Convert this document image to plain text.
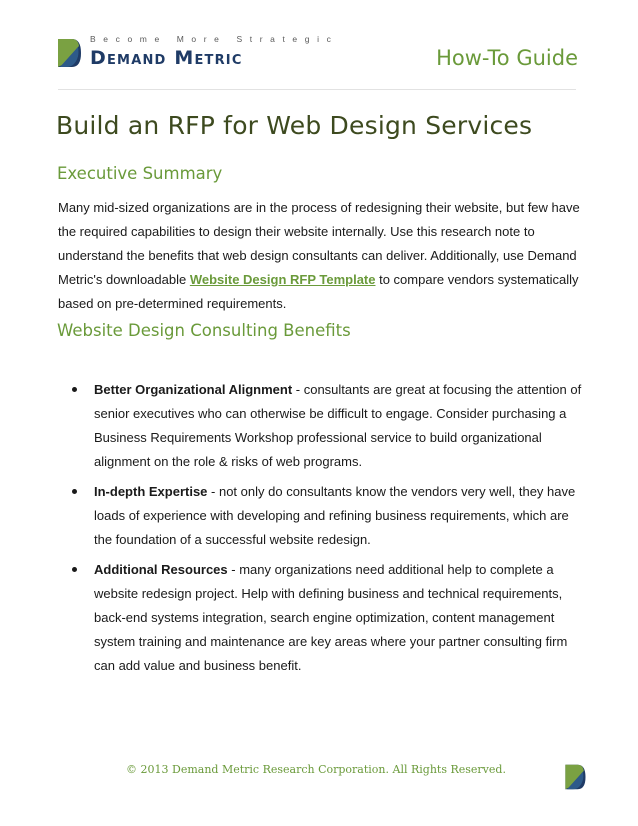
Become More Strategic
Demand Metric	How-To Guide
Build an RFP for Web Design Services
Executive Summary
Many mid-sized organizations are in the process of redesigning their website, but few have
the required capabilities to design their website internally. Use this research note to
understand the benefits that web design consultants can deliver. Additionally, use Demand
Metric's downloadable Website Design RFP Template to compare vendors systematically
based on pre-determined requirements.
Website Design Consulting Benefits
Better Organizational Alignment - consultants are great at focusing the attention of
senior executives who can otherwise be difficult to engage. Consider purchasing a
Business Requirements Workshop professional service to build organizational
alignment on the role & risks of web programs.
In-depth Expertise - not only do consultants know the vendors very well, they have
loads of experience with developing and refining business requirements, which are
the foundation of a successful website redesign.
Additional Resources - many organizations need additional help to complete a
website redesign project. Help with defining business and technical requirements,
back-end systems integration, search engine optimization, content management
system training and maintenance are key areas where your partner consulting firm
can add value and business benefit.
© 2013 Demand Metric Research Corporation. All Rights Reserved.
